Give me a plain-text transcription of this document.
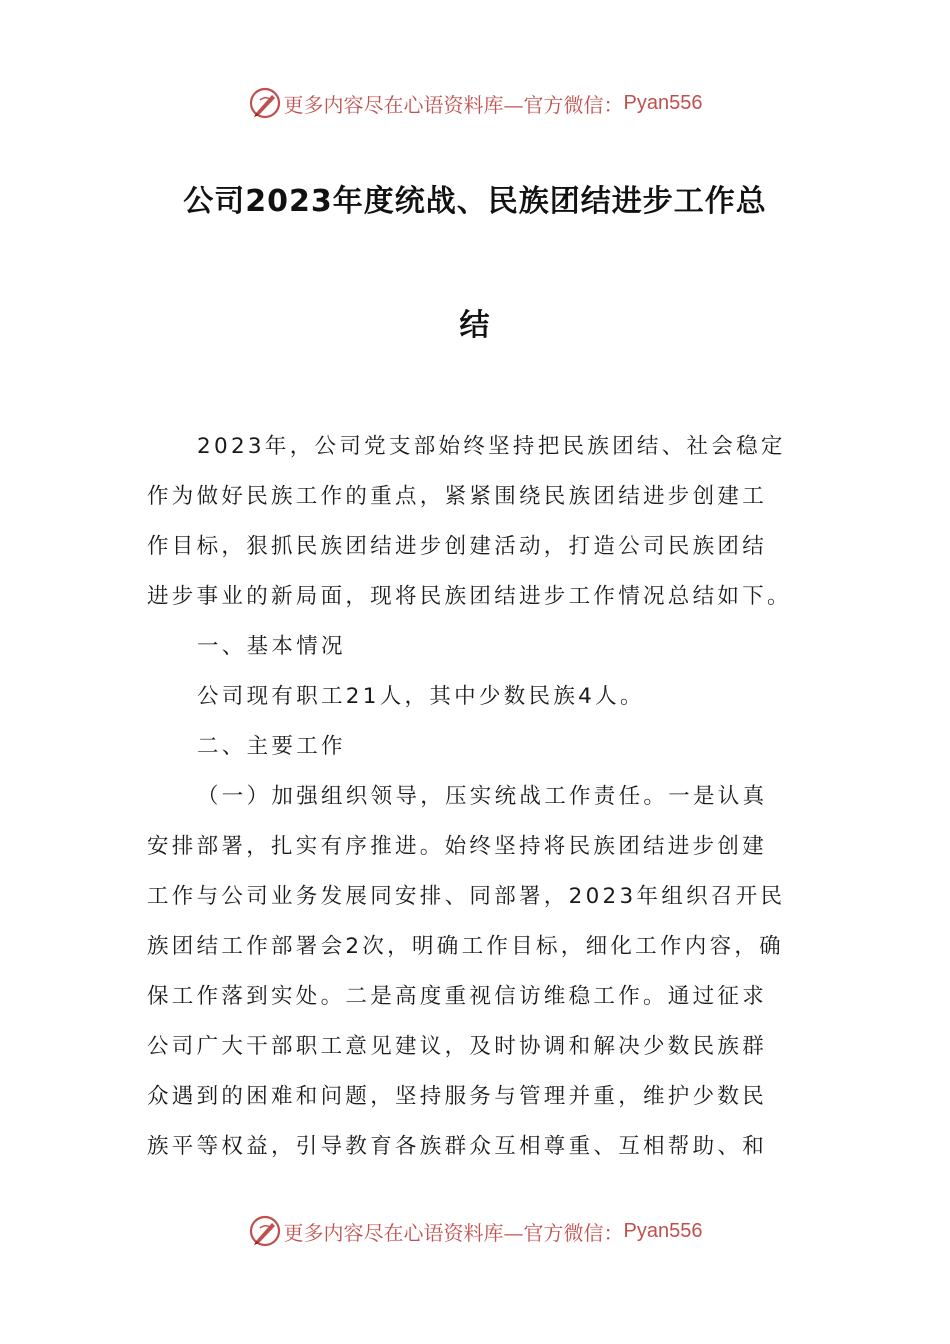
更多内容尽在心语资料库—官方微信： Pyan556
公司2023年度统战、民族团结进步工作总
结

2023年，公司党支部始终坚持把民族团结、社会稳定

作为做好民族工作的重点，紧紧围绕民族团结进步创建工

作目标，狠抓民族团结进步创建活动，打造公司民族团结

进步事业的新局面，现将民族团结进步工作情况总结如下。

一、基本情况

公司现有职工21人，其中少数民族4人。

二、主要工作

（一）加强组织领导，压实统战工作责任。一是认真

安排部署，扎实有序推进。始终坚持将民族团结进步创建

工作与公司业务发展同安排、同部署，2023年组织召开民

族团结工作部署会2次，明确工作目标，细化工作内容，确

保工作落到实处。二是高度重视信访维稳工作。通过征求

公司广大干部职工意见建议，及时协调和解决少数民族群

众遇到的困难和问题，坚持服务与管理并重，维护少数民

族平等权益，引导教育各族群众互相尊重、互相帮助、和

更多内容尽在心语资料库—官方微信： Pyan556
